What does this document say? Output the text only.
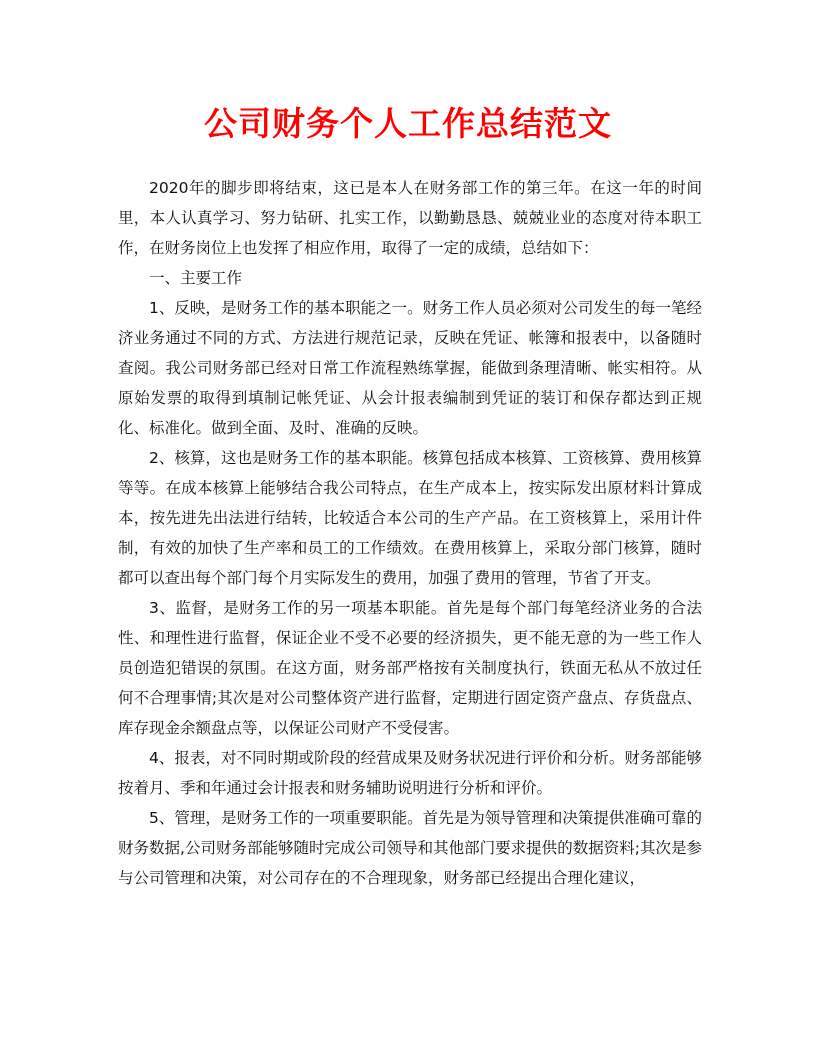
公司财务个人工作总结范文

2020年的脚步即将结束，这已是本人在财务部工作的第三年。在这一年的时间里，本人认真学习、努力钻研、扎实工作，以勤勤恳恳、兢兢业业的态度对待本职工作，在财务岗位上也发挥了相应作用，取得了一定的成绩，总结如下：

一、主要工作

1、反映，是财务工作的基本职能之一。财务工作人员必须对公司发生的每一笔经济业务通过不同的方式、方法进行规范记录，反映在凭证、帐簿和报表中，以备随时查阅。我公司财务部已经对日常工作流程熟练掌握，能做到条理清晰、帐实相符。从原始发票的取得到填制记帐凭证、从会计报表编制到凭证的装订和保存都达到正规化、标准化。做到全面、及时、准确的反映。

2、核算，这也是财务工作的基本职能。核算包括成本核算、工资核算、费用核算等等。在成本核算上能够结合我公司特点，在生产成本上，按实际发出原材料计算成本，按先进先出法进行结转，比较适合本公司的生产产品。在工资核算上，采用计件制，有效的加快了生产率和员工的工作绩效。在费用核算上，采取分部门核算，随时都可以查出每个部门每个月实际发生的费用，加强了费用的管理，节省了开支。

3、监督，是财务工作的另一项基本职能。首先是每个部门每笔经济业务的合法性、和理性进行监督，保证企业不受不必要的经济损失，更不能无意的为一些工作人员创造犯错误的氛围。在这方面，财务部严格按有关制度执行，铁面无私从不放过任何不合理事情;其次是对公司整体资产进行监督，定期进行固定资产盘点、存货盘点、库存现金余额盘点等，以保证公司财产不受侵害。

4、报表，对不同时期或阶段的经营成果及财务状况进行评价和分析。财务部能够按着月、季和年通过会计报表和财务辅助说明进行分析和评价。

5、管理，是财务工作的一项重要职能。首先是为领导管理和决策提供准确可靠的财务数据,公司财务部能够随时完成公司领导和其他部门要求提供的数据资料;其次是参与公司管理和决策，对公司存在的不合理现象，财务部已经提出合理化建议，
